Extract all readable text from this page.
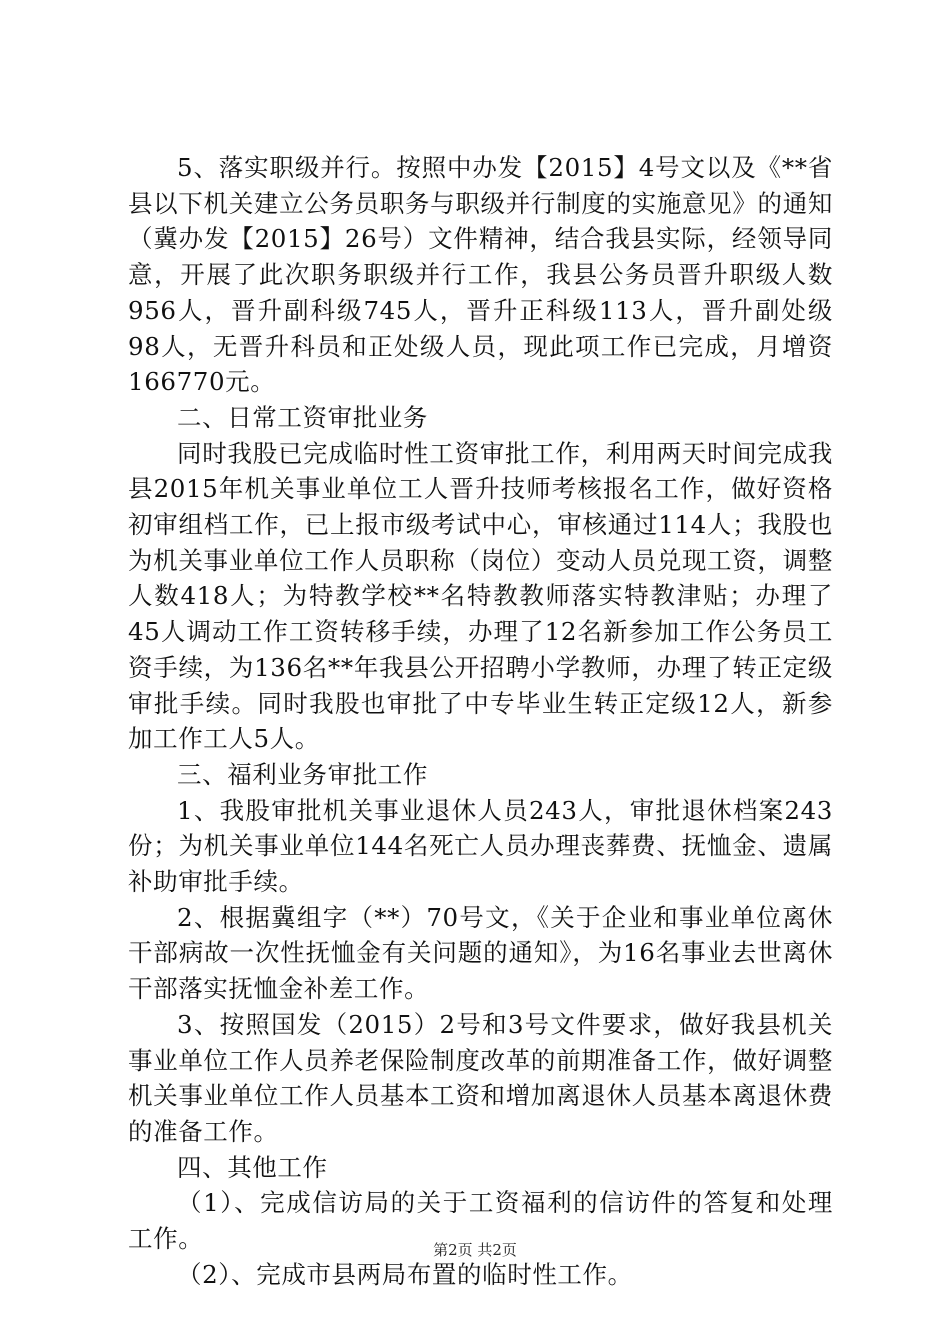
5、落实职级并行。按照中办发【2015】4号文以及《**省县以下机关建立公务员职务与职级并行制度的实施意见》的通知（冀办发【2015】26号）文件精神，结合我县实际，经领导同意，开展了此次职务职级并行工作，我县公务员晋升职级人数956人，晋升副科级745人，晋升正科级113人，晋升副处级98人，无晋升科员和正处级人员，现此项工作已完成，月增资166770元。

二、日常工资审批业务

同时我股已完成临时性工资审批工作，利用两天时间完成我县2015年机关事业单位工人晋升技师考核报名工作，做好资格初审组档工作，已上报市级考试中心，审核通过114人；我股也为机关事业单位工作人员职称（岗位）变动人员兑现工资，调整人数418人；为特教学校**名特教教师落实特教津贴；办理了45人调动工作工资转移手续，办理了12名新参加工作公务员工资手续，为136名**年我县公开招聘小学教师，办理了转正定级审批手续。同时我股也审批了中专毕业生转正定级12人，新参加工作工人5人。

三、福利业务审批工作

1、我股审批机关事业退休人员243人，审批退休档案243份；为机关事业单位144名死亡人员办理丧葬费、抚恤金、遗属补助审批手续。

2、根据冀组字（**）70号文，《关于企业和事业单位离休干部病故一次性抚恤金有关问题的通知》，为16名事业去世离休干部落实抚恤金补差工作。

3、按照国发（2015）2号和3号文件要求，做好我县机关事业单位工作人员养老保险制度改革的前期准备工作，做好调整机关事业单位工作人员基本工资和增加离退休人员基本离退休费的准备工作。

四、其他工作

（1）、完成信访局的关于工资福利的信访件的答复和处理工作。

（2）、完成市县两局布置的临时性工作。

第2页 共2页
